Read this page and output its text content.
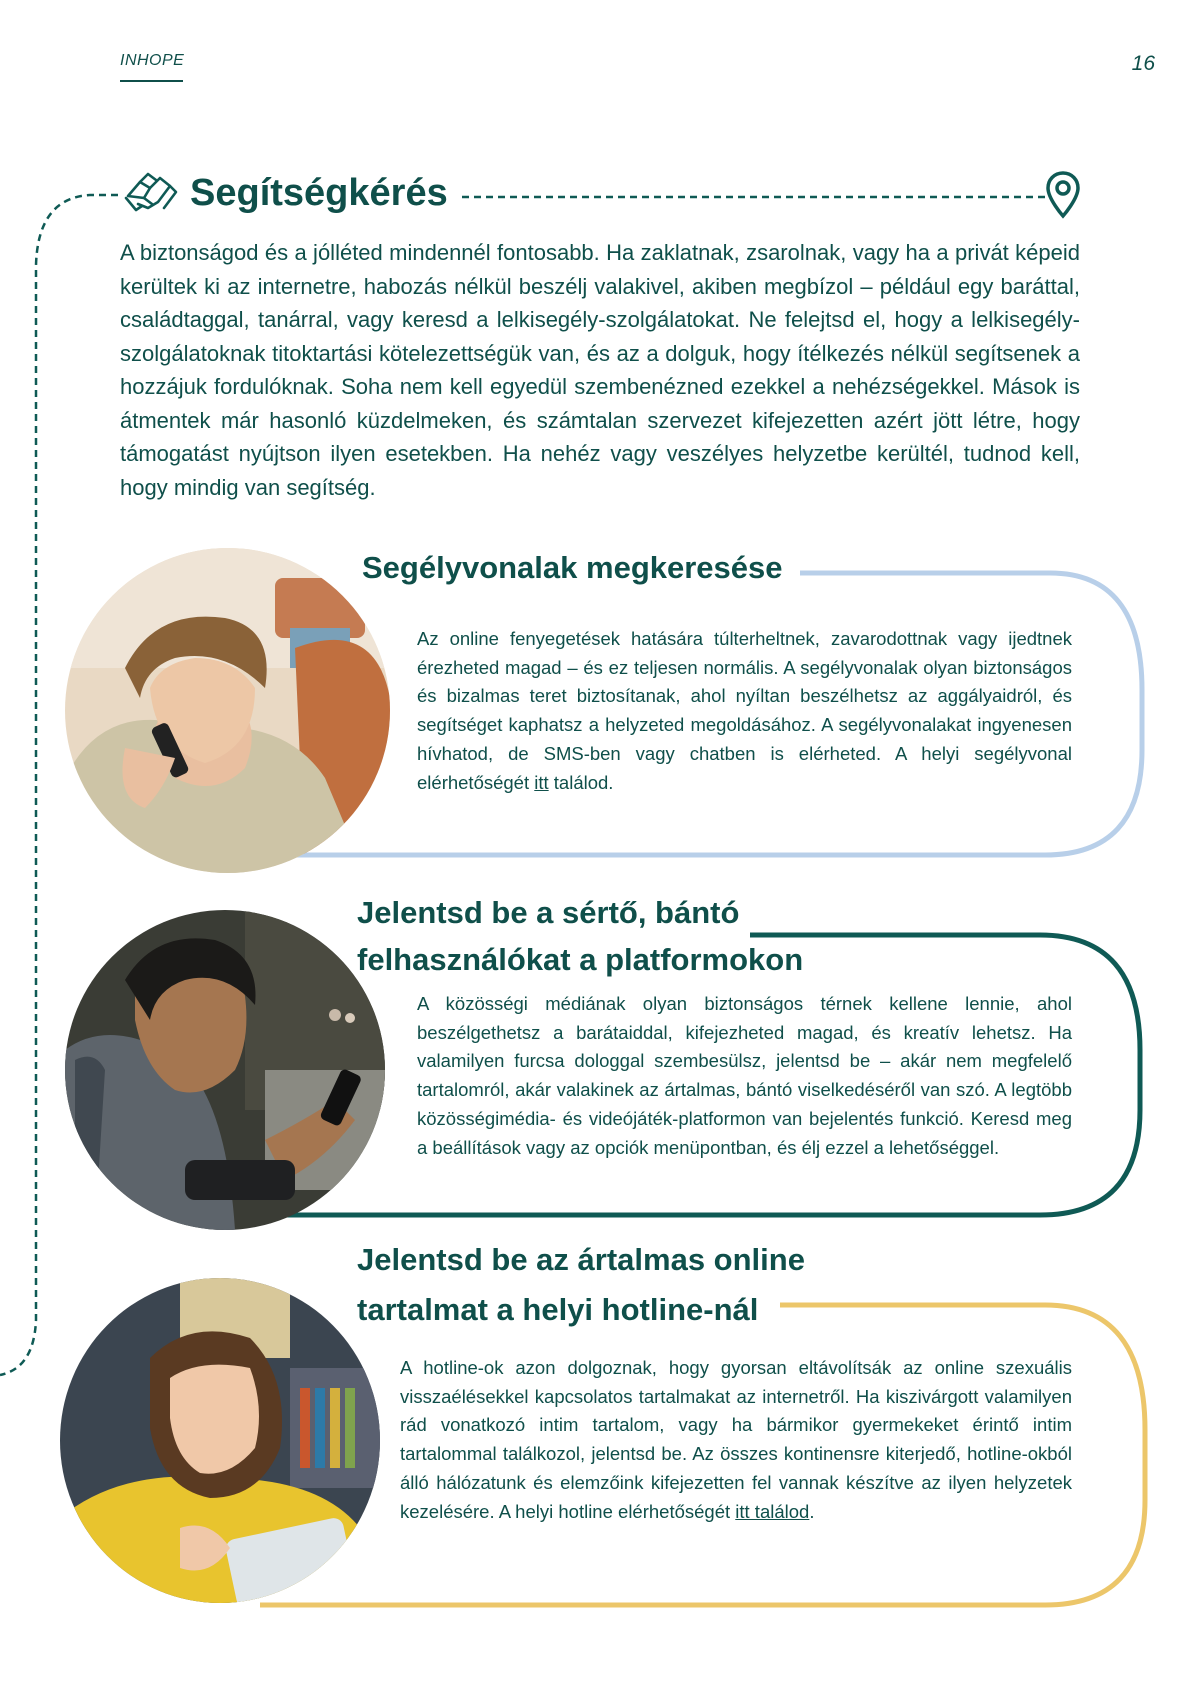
INHOPE	16
Segítségkérés
A biztonságod és a jólléted mindennél fontosabb. Ha zaklatnak, zsarolnak, vagy ha a privát képeid kerültek ki az internetre, habozás nélkül beszélj valakivel, akiben megbízol – például egy baráttal, családtaggal, tanárral, vagy keresd a lelkisegély-szolgálatokat. Ne felejtsd el, hogy a lelkisegély-szolgálatoknak titoktartási kötelezettségük van, és az a dolguk, hogy ítélkezés nélkül segítsenek a hozzájuk fordulóknak. Soha nem kell egyedül szembenézned ezekkel a nehézségekkel. Mások is átmentek már hasonló küzdelmeken, és számtalan szervezet kifejezetten azért jött létre, hogy támogatást nyújtson ilyen esetekben. Ha nehéz vagy veszélyes helyzetbe kerültél, tudnod kell, hogy mindig van segítség.
Segélyvonalak megkeresése
Az online fenyegetések hatására túlterheltnek, zavarodottnak vagy ijedtnek érezheted magad – és ez teljesen normális. A segélyvonalak olyan biztonságos és bizalmas teret biztosítanak, ahol nyíltan beszélhetsz az aggályaidról, és segítséget kaphatsz a helyzeted megoldásához. A segélyvonalakat ingyenesen hívhatod, de SMS-ben vagy chatben is elérheted. A helyi segélyvonal elérhetőségét itt találod.
Jelentsd be a sértő, bántó
felhasználókat a platformokon
A közösségi médiának olyan biztonságos térnek kellene lennie, ahol beszélgethetsz a barátaiddal, kifejezheted magad, és kreatív lehetsz. Ha valamilyen furcsa dologgal szembesülsz, jelentsd be – akár nem megfelelő tartalomról, akár valakinek az ártalmas, bántó viselkedéséről van szó. A legtöbb közösségimédia- és videójáték-platformon van bejelentés funkció. Keresd meg a beállítások vagy az opciók menüpontban, és élj ezzel a lehetőséggel.
Jelentsd be az ártalmas online
tartalmat a helyi hotline-nál
A hotline-ok azon dolgoznak, hogy gyorsan eltávolítsák az online szexuális visszaélésekkel kapcsolatos tartalmakat az internetről. Ha kiszivárgott valamilyen rád vonatkozó intim tartalom, vagy ha bármikor gyermekeket érintő intim tartalommal találkozol, jelentsd be. Az összes kontinensre kiterjedő, hotline-okból álló hálózatunk és elemzőink kifejezetten fel vannak készítve az ilyen helyzetek kezelésére. A helyi hotline elérhetőségét itt találod.
